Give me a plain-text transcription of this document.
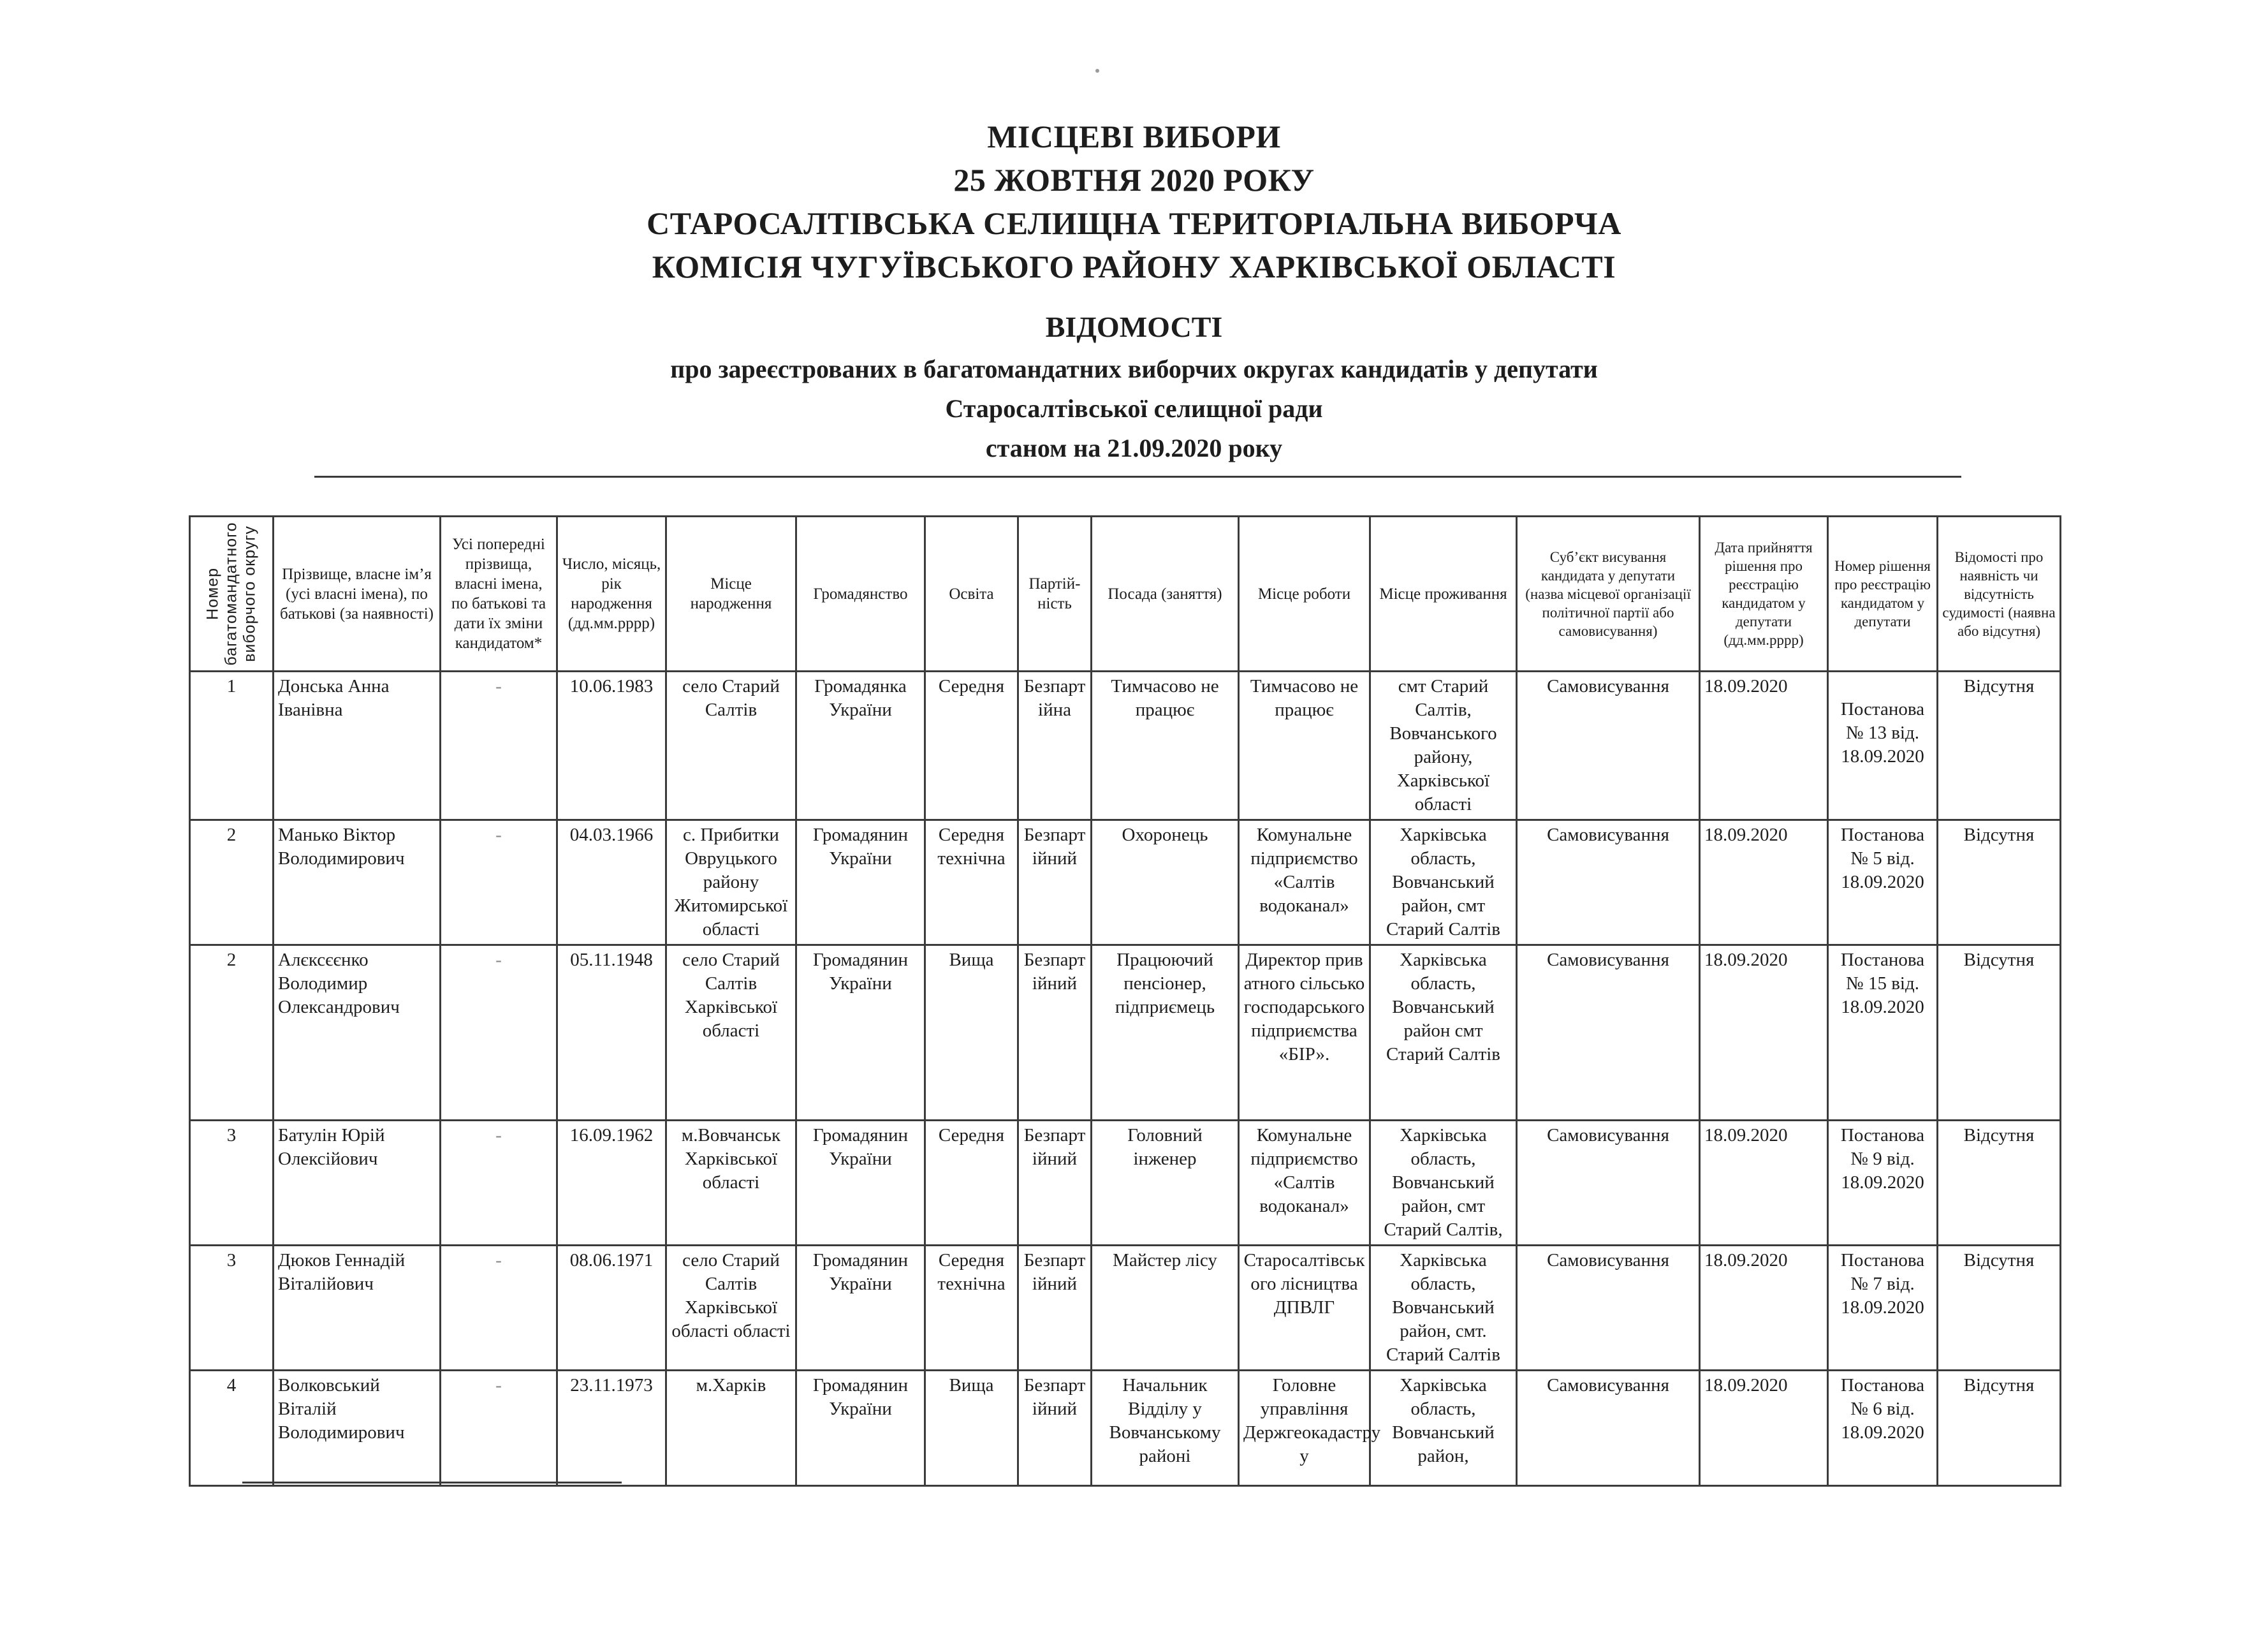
МІСЦЕВІ ВИБОРИ
25 ЖОВТНЯ 2020 РОКУ
СТАРОСАЛТІВСЬКА СЕЛИЩНА ТЕРИТОРІАЛЬНА ВИБОРЧА
КОМІСІЯ ЧУГУЇВСЬКОГО РАЙОНУ ХАРКІВСЬКОЇ ОБЛАСТІ
ВІДОМОСТІ
про зареєстрованих в багатомандатних виборчих округах кандидатів у депутати
Старосалтівської селищної ради
станом на 21.09.2020 року
Номер багатомандатного виборчого округу	Прізвище, власне ім’я (усі власні імена), по батькові (за наявності)	Усі попередні прізвища, власні імена, по батькові та дати їх зміни кандидатом*	Число, місяць, рік народження (дд.мм.рррр)	Місце народження	Громадянство	Освіта	Партій-ність	Посада (заняття)	Місце роботи	Місце проживання	Суб’єкт висування кандидата у депутати (назва місцевої організації політичної партії або самовисування)	Дата прийняття рішення про реєстрацію кандидатом у депутати (дд.мм.рррр)	Номер рішення про реєстрацію кандидатом у депутати	Відомості про наявність чи відсутність судимості (наявна або відсутня)
1	Донська Анна Іванівна	-	10.06.1983	село Старий Салтів	Громадянка України	Середня	Безпартійна	Тимчасово не працює	Тимчасово не працює	смт Старий Салтів, Вовчанського району, Харківської області	Самовисування	18.09.2020	Постанова № 13 від. 18.09.2020	Відсутня
2	Манько Віктор Володимирович	-	04.03.1966	с. Прибитки Овруцького району Житомирської області	Громадянин України	Середня технічна	Безпартійний	Охоронець	Комунальне підприємство «Салтів водоканал»	Харківська область, Вовчанський район, смт Старий Салтів	Самовисування	18.09.2020	Постанова № 5 від. 18.09.2020	Відсутня
2	Алєксєєнко Володимир Олександрович	-	05.11.1948	село Старий Салтів Харківської області	Громадянин України	Вища	Безпартійний	Працюючий пенсіонер, підприємець	Директор приватного сільськогосподарського підприємства «БІР».	Харківська область, Вовчанський район смт Старий Салтів	Самовисування	18.09.2020	Постанова № 15 від. 18.09.2020	Відсутня
3	Батулін Юрій Олексійович	-	16.09.1962	м.Вовчанськ Харківської області	Громадянин України	Середня	Безпартійний	Головний інженер	Комунальне підприємство «Салтів водоканал»	Харківська область, Вовчанський район, смт Старий Салтів,	Самовисування	18.09.2020	Постанова № 9 від. 18.09.2020	Відсутня
3	Дюков Геннадій Віталійович	-	08.06.1971	село Старий Салтів Харківської області області	Громадянин України	Середня технічна	Безпартійний	Майстер лісу	Старосалтівського лісництва ДПВЛГ	Харківська область, Вовчанський район, смт. Старий Салтів	Самовисування	18.09.2020	Постанова № 7 від. 18.09.2020	Відсутня
4	Волковський Віталій Володимирович	-	23.11.1973	м.Харків	Громадянин України	Вища	Безпартійний	Начальник Відділу у Вовчанському районі	Головне управління Держгеокадастру у	Харківська область, Вовчанський район,	Самовисування	18.09.2020	Постанова № 6 від. 18.09.2020	Відсутня
